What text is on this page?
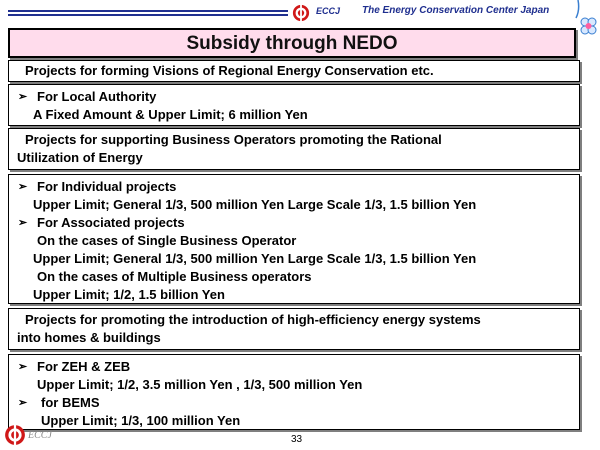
ECCJ The Energy Conservation Center Japan
Subsidy through NEDO
Projects for forming Visions of Regional Energy Conservation etc.
➢ For Local Authority
A Fixed Amount & Upper Limit; 6 million Yen
Projects for supporting Business Operators promoting the Rational
Utilization of Energy
➢ For Individual projects
Upper Limit; General 1/3, 500 million Yen Large Scale 1/3, 1.5 billion Yen
➢ For Associated projects
On the cases of Single Business Operator
Upper Limit; General 1/3, 500 million Yen Large Scale 1/3, 1.5 billion Yen
On the cases of Multiple Business operators
Upper Limit; 1/2, 1.5 billion Yen
Projects for promoting the introduction of high-efficiency energy systems
into homes & buildings
➢ For ZEH & ZEB
Upper Limit; 1/2, 3.5 million Yen , 1/3, 500 million Yen
➢ for BEMS
Upper Limit; 1/3, 100 million Yen
ECCJ	33
